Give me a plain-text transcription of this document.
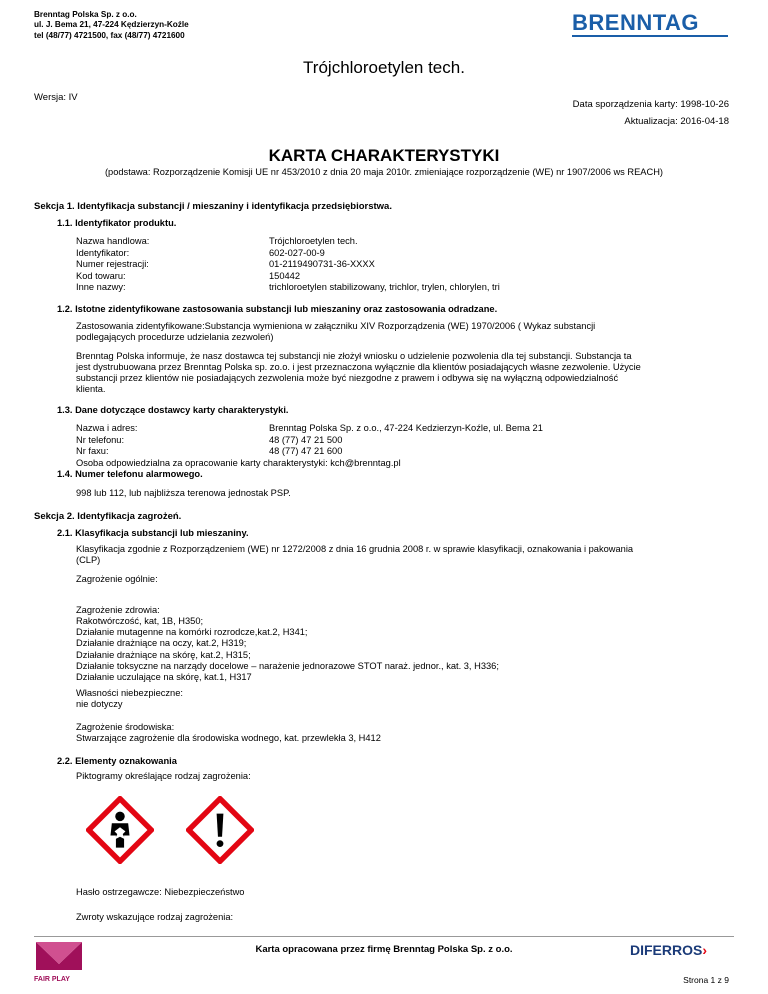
Brenntag Polska Sp. z o.o.
ul. J. Bema 21, 47-224 Kędzierzyn-Koźle
tel (48/77) 4721500, fax (48/77) 4721600	BRENNTAG
Trójchloroetylen tech.
Wersja: IV
Data sporządzenia karty: 1998-10-26
Aktualizacja: 2016-04-18
KARTA CHARAKTERYSTYKI
(podstawa: Rozporządzenie Komisji UE nr 453/2010 z dnia 20 maja 2010r. zmieniające rozporządzenie (WE) nr 1907/2006 ws REACH)
Sekcja 1. Identyfikacja substancji / mieszaniny i identyfikacja przedsiębiorstwa.
1.1. Identyfikator produktu.
Nazwa handlowa:	Trójchloroetylen tech.
Identyfikator:	602-027-00-9
Numer rejestracji:	01-2119490731-36-XXXX
Kod towaru:	150442
Inne nazwy:	trichloroetylen stabilizowany, trichlor, trylen, chlorylen, tri
1.2. Istotne zidentyfikowane zastosowania substancji lub mieszaniny oraz zastosowania odradzane.
Zastosowania zidentyfikowane:Substancja wymieniona w załączniku XIV Rozporządzenia (WE) 1970/2006 ( Wykaz substancji
podlegających procedurze udzielania zezwoleń)
Brenntag Polska informuje, że nasz dostawca tej substancji nie złożył wniosku o udzielenie pozwolenia dla tej substancji. Substancja ta
jest dystrubuowana przez Brenntag Polska sp. zo.o. i jest przeznaczona wyłącznie dla klientów posiadających własne zezwolenie. Użycie
substancji przez klientów nie posiadających zezwolenia może być niezgodne z prawem i odbywa się na wyłączną odpowiedzialność
klienta.
1.3. Dane dotyczące dostawcy karty charakterystyki.
Nazwa i adres:	Brenntag Polska Sp. z o.o., 47-224 Kedzierzyn-Koźle, ul. Bema 21
Nr telefonu:	48 (77) 47 21 500
Nr faxu:	48 (77) 47 21 600
Osoba odpowiedzialna za opracowanie karty charakterystyki: kch@brenntag.pl
1.4. Numer telefonu alarmowego.
998 lub 112, lub najbliższa terenowa jednostak PSP.
Sekcja 2. Identyfikacja zagrożeń.
2.1. Klasyfikacja substancji lub mieszaniny.
Klasyfikacja zgodnie z Rozporządzeniem (WE) nr 1272/2008 z dnia 16 grudnia 2008 r. w sprawie klasyfikacji, oznakowania i pakowania
(CLP)
Zagrożenie ogólnie:
Zagrożenie zdrowia:
Rakotwórczość, kat, 1B, H350;
Działanie mutagenne na komórki rozrodcze,kat.2, H341;
Działanie drażniące na oczy, kat.2, H319;
Działanie drażniące na skórę, kat.2, H315;
Działanie toksyczne na narządy docelowe – narażenie jednorazowe STOT naraż. jednor., kat. 3, H336;
Działanie uczulające na skórę, kat.1, H317
Własności niebezpieczne:
nie dotyczy
Zagrożenie środowiska:
Stwarzające zagrożenie dla środowiska wodnego, kat. przewlekła 3, H412
2.2. Elementy oznakowania
Piktogramy określające rodzaj zagrożenia:
Hasło ostrzegawcze: Niebezpieczeństwo
Zwroty wskazujące rodzaj zagrożenia:
FAIR PLAY
Karta opracowana przez firmę Brenntag Polska Sp. z o.o.	DIFERROS›
Strona 1 z 9
